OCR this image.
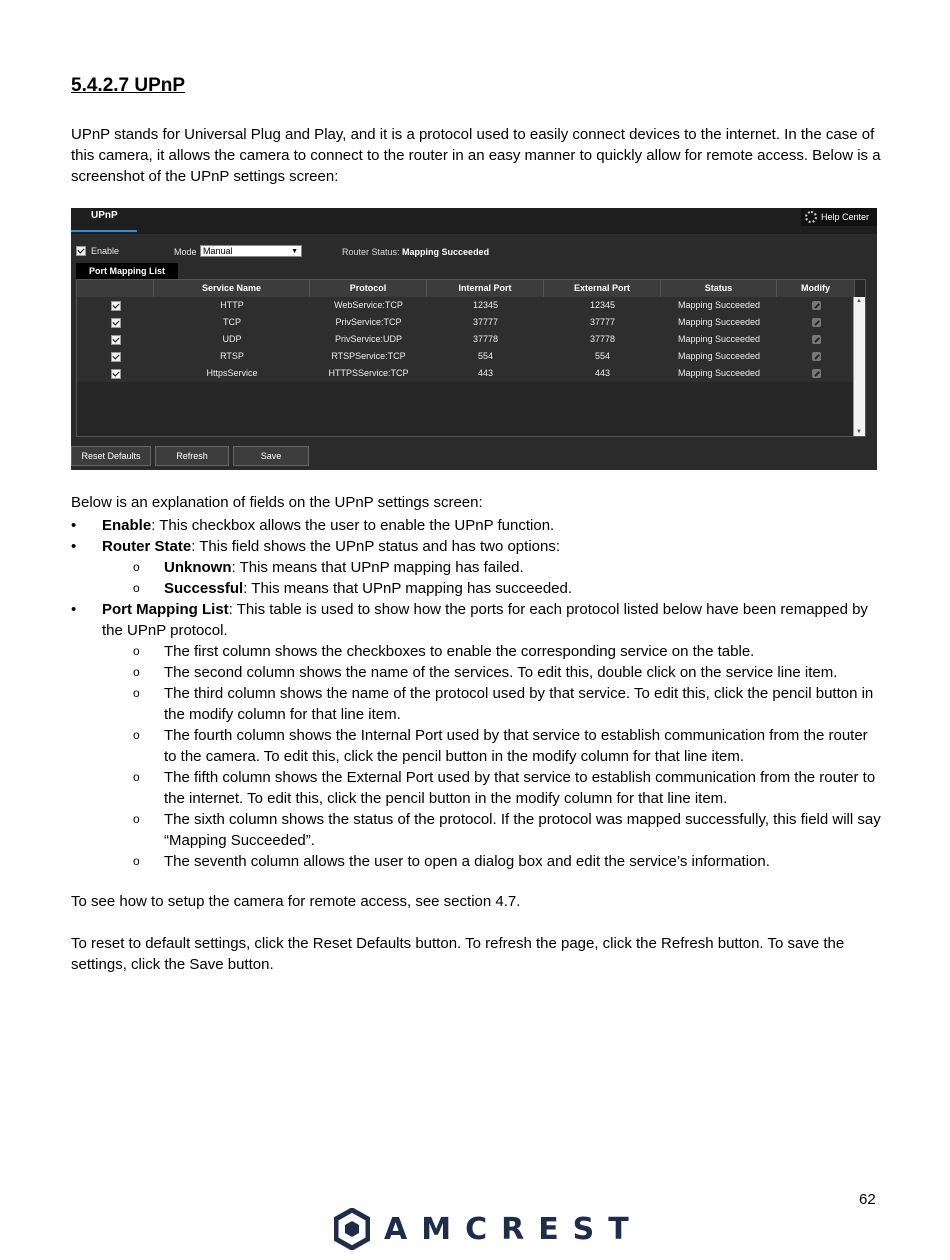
5.4.2.7 UPnP

UPnP stands for Universal Plug and Play, and it is a protocol used to easily connect devices to the internet. In the case of this camera, it allows the camera to connect to the router in an easy manner to quickly allow for remote access. Below is a screenshot of the UPnP settings screen:

UPnP	Help Center
Enable	Mode Manual	▼	Router Status: Mapping Succeeded
Port Mapping List
Service Name	Protocol	Internal Port	External Port	Status	Modify
HTTP	WebService:TCP	12345	12345	Mapping Succeeded
TCP	PrivService:TCP	37777	37777	Mapping Succeeded
UDP	PrivService:UDP	37778	37778	Mapping Succeeded
RTSP	RTSPService:TCP	554	554	Mapping Succeeded
HttpsService	HTTPSService:TCP	443	443	Mapping Succeeded
▲
▼
Reset Defaults	Refresh	Save

Below is an explanation of fields on the UPnP settings screen:

• Enable: This checkbox allows the user to enable the UPnP function.
• Router State: This field shows the UPnP status and has two options:
o Unknown: This means that UPnP mapping has failed.
o Successful: This means that UPnP mapping has succeeded.
• Port Mapping List: This table is used to show how the ports for each protocol listed below have been remapped by the UPnP protocol.
o The first column shows the checkboxes to enable the corresponding service on the table.
o The second column shows the name of the services. To edit this, double click on the service line item.
o The third column shows the name of the protocol used by that service. To edit this, click the pencil button in the modify column for that line item.
o The fourth column shows the Internal Port used by that service to establish communication from the router to the camera. To edit this, click the pencil button in the modify column for that line item.
o The fifth column shows the External Port used by that service to establish communication from the router to the internet. To edit this, click the pencil button in the modify column for that line item.
o The sixth column shows the status of the protocol. If the protocol was mapped successfully, this field will say “Mapping Succeeded”.
o The seventh column allows the user to open a dialog box and edit the service’s information.

To see how to setup the camera for remote access, see section 4.7.

To reset to default settings, click the Reset Defaults button. To refresh the page, click the Refresh button. To save the settings, click the Save button.

62
AMCREST
